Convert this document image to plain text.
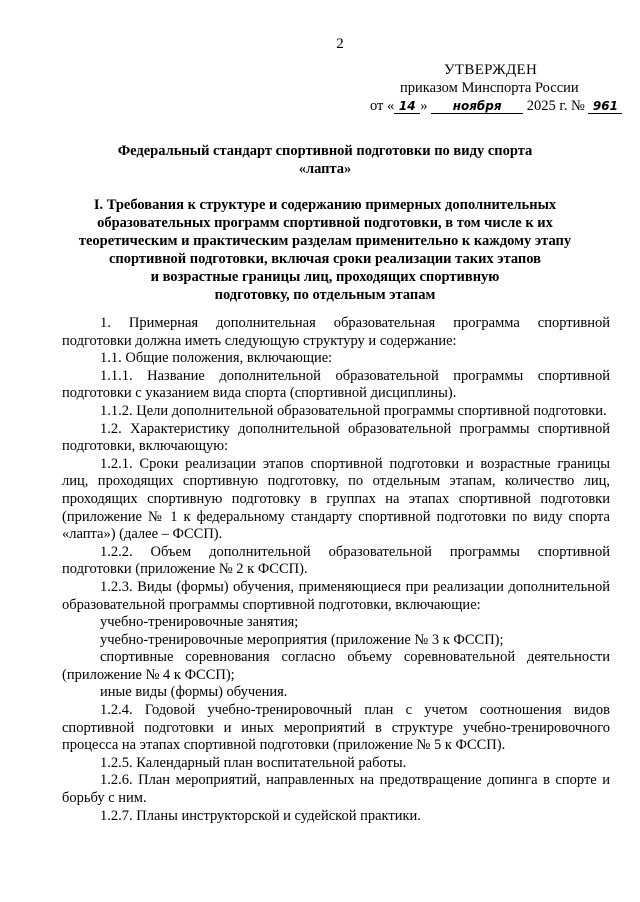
2
УТВЕРЖДЕН
приказом Минспорта России
от « 14 » ноября 2025 г. № 961
Федеральный стандарт спортивной подготовки по виду спорта
«лапта»
I. Требования к структуре и содержанию примерных дополнительных
образовательных программ спортивной подготовки, в том числе к их
теоретическим и практическим разделам применительно к каждому этапу
спортивной подготовки, включая сроки реализации таких этапов
и возрастные границы лиц, проходящих спортивную
подготовку, по отдельным этапам

1. Примерная дополнительная образовательная программа спортивной подготовки должна иметь следующую структуру и содержание:

1.1. Общие положения, включающие:

1.1.1. Название дополнительной образовательной программы спортивной подготовки с указанием вида спорта (спортивной дисциплины).

1.1.2. Цели дополнительной образовательной программы спортивной подготовки.

1.2. Характеристику дополнительной образовательной программы спортивной подготовки, включающую:

1.2.1. Сроки реализации этапов спортивной подготовки и возрастные границы лиц, проходящих спортивную подготовку, по отдельным этапам, количество лиц, проходящих спортивную подготовку в группах на этапах спортивной подготовки (приложение № 1 к федеральному стандарту спортивной подготовки по виду спорта «лапта») (далее – ФССП).

1.2.2. Объем дополнительной образовательной программы спортивной подготовки (приложение № 2 к ФССП).

1.2.3. Виды (формы) обучения, применяющиеся при реализации дополнительной образовательной программы спортивной подготовки, включающие:

учебно-тренировочные занятия;

учебно-тренировочные мероприятия (приложение № 3 к ФССП);

спортивные соревнования согласно объему соревновательной деятельности (приложение № 4 к ФССП);

иные виды (формы) обучения.

1.2.4. Годовой учебно-тренировочный план с учетом соотношения видов спортивной подготовки и иных мероприятий в структуре учебно-тренировочного процесса на этапах спортивной подготовки (приложение № 5 к ФССП).

1.2.5. Календарный план воспитательной работы.

1.2.6. План мероприятий, направленных на предотвращение допинга в спорте и борьбу с ним.

1.2.7. Планы инструкторской и судейской практики.
